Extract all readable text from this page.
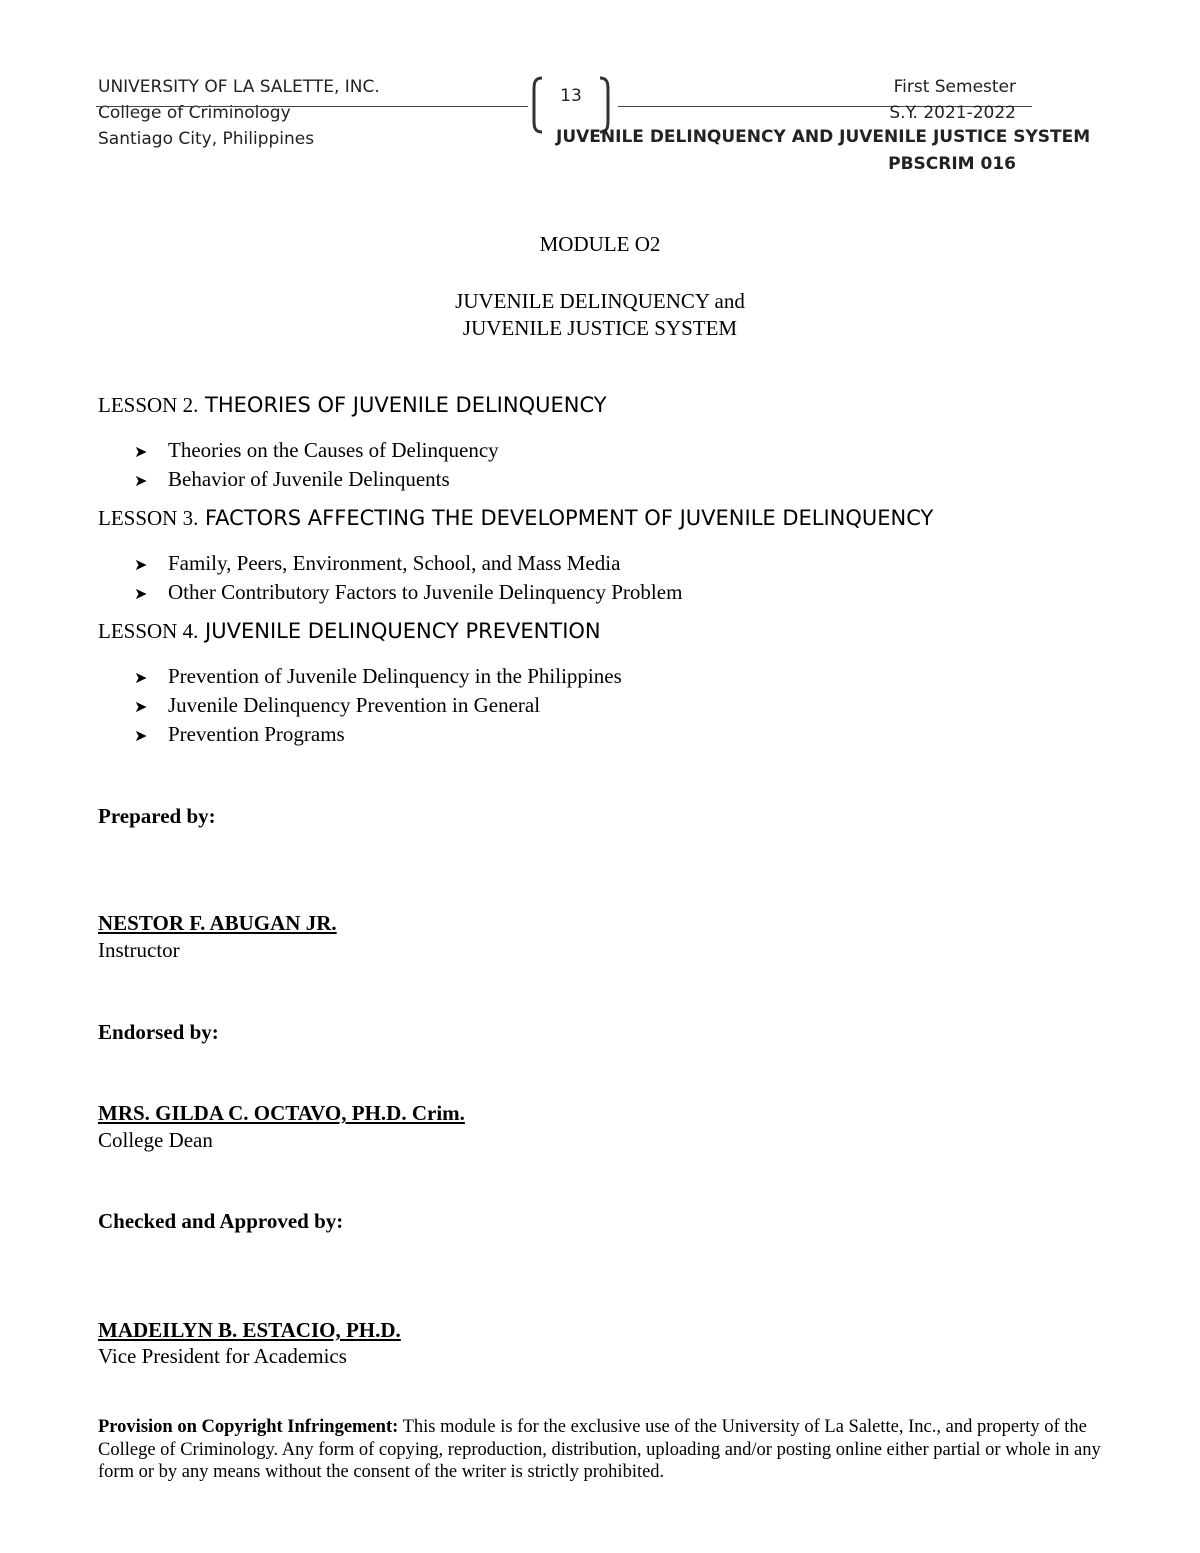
UNIVERSITY OF LA SALETTE, INC.
College of Criminology
Santiago City, Philippines
13	First Semester
S.Y. 2021-2022
JUVENILE DELINQUENCY AND JUVENILE JUSTICE SYSTEM
PBSCRIM 016
MODULE O2
JUVENILE DELINQUENCY and
JUVENILE JUSTICE SYSTEM
LESSON 2. THEORIES OF JUVENILE DELINQUENCY
➤ Theories on the Causes of Delinquency
➤ Behavior of Juvenile Delinquents
LESSON 3. FACTORS AFFECTING THE DEVELOPMENT OF JUVENILE DELINQUENCY
➤ Family, Peers, Environment, School, and Mass Media
➤ Other Contributory Factors to Juvenile Delinquency Problem
LESSON 4. JUVENILE DELINQUENCY PREVENTION
➤ Prevention of Juvenile Delinquency in the Philippines
➤ Juvenile Delinquency Prevention in General
➤ Prevention Programs
Prepared by:
NESTOR F. ABUGAN JR.
Instructor
Endorsed by:
MRS. GILDA C. OCTAVO, PH.D. Crim.
College Dean
Checked and Approved by:
MADEILYN B. ESTACIO, PH.D.
Vice President for Academics
Provision on Copyright Infringement: This module is for the exclusive use of the University of La Salette, Inc., and property of the College of Criminology. Any form of copying, reproduction, distribution, uploading and/or posting online either partial or whole in any form or by any means without the consent of the writer is strictly prohibited.
